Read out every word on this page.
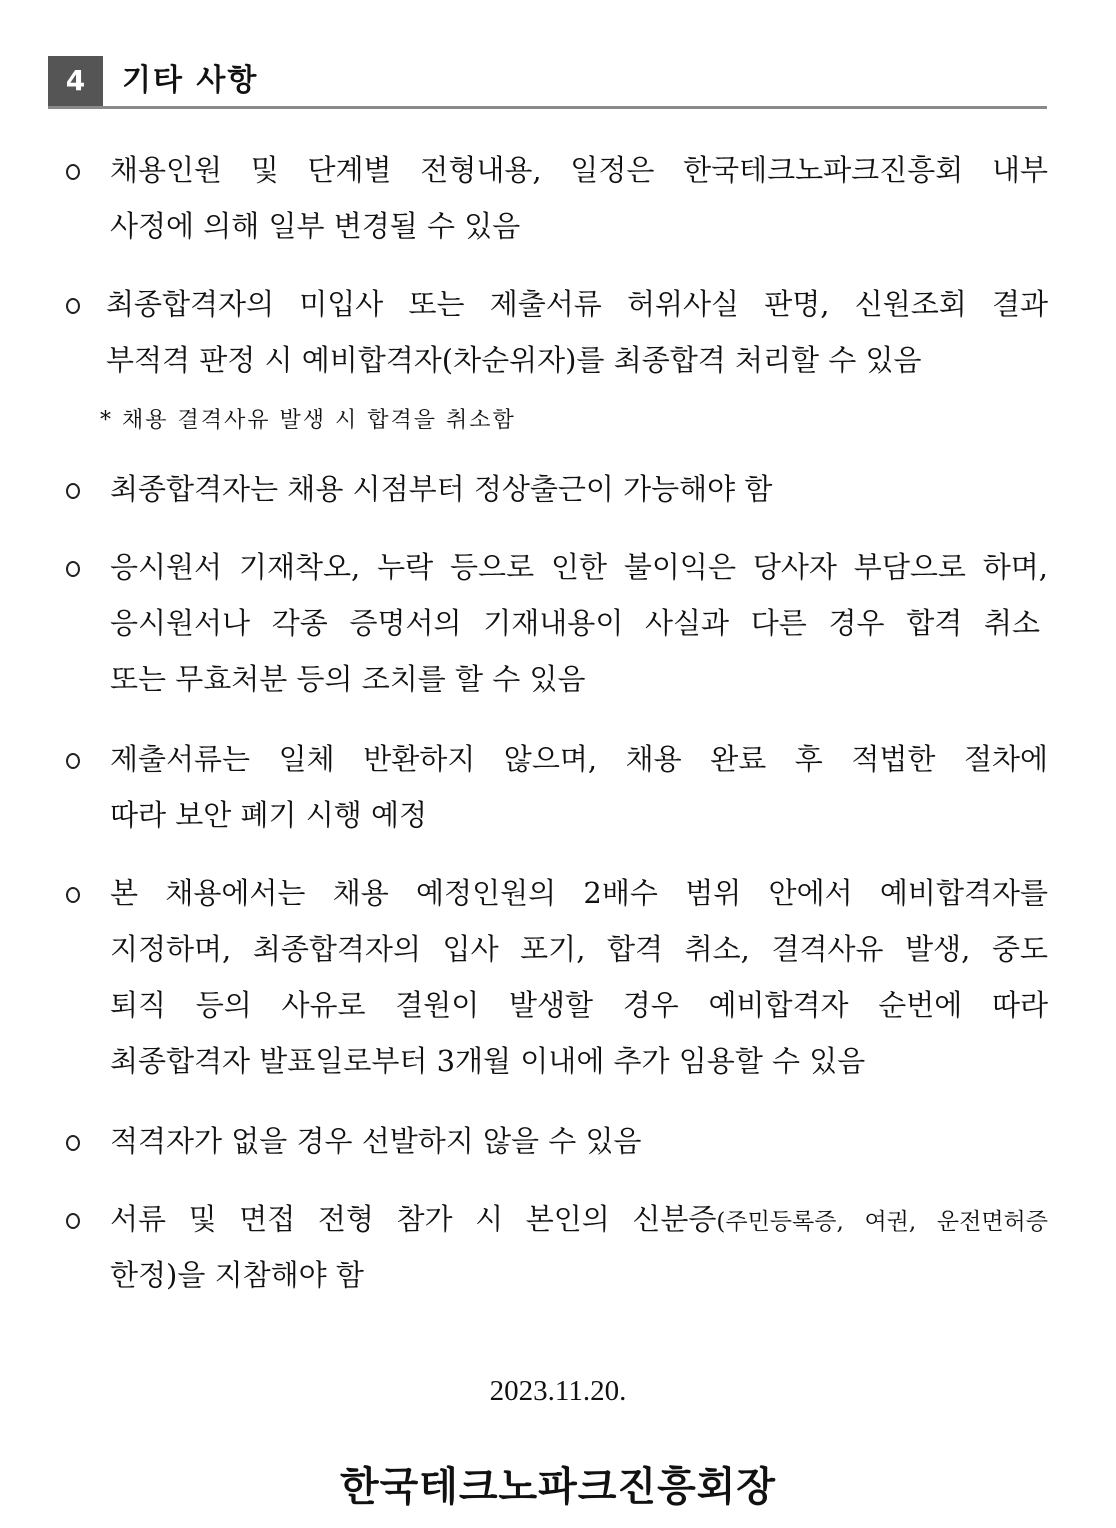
4	기타 사항
채용인원 및 단계별 전형내용, 일정은 한국테크노파크진흥회 내부
사정에 의해 일부 변경될 수 있음
최종합격자의 미입사 또는 제출서류 허위사실 판명, 신원조회 결과
부적격 판정 시 예비합격자(차순위자)를 최종합격 처리할 수 있음
* 채용 결격사유 발생 시 합격을 취소함
최종합격자는 채용 시점부터 정상출근이 가능해야 함
응시원서 기재착오, 누락 등으로 인한 불이익은 당사자 부담으로 하며,
응시원서나 각종 증명서의 기재내용이 사실과 다른 경우 합격 취소
또는 무효처분 등의 조치를 할 수 있음
제출서류는 일체 반환하지 않으며, 채용 완료 후 적법한 절차에
따라 보안 폐기 시행 예정
본 채용에서는 채용 예정인원의 2배수 범위 안에서 예비합격자를
지정하며, 최종합격자의 입사 포기, 합격 취소, 결격사유 발생, 중도
퇴직 등의 사유로 결원이 발생할 경우 예비합격자 순번에 따라
최종합격자 발표일로부터 3개월 이내에 추가 임용할 수 있음
적격자가 없을 경우 선발하지 않을 수 있음
서류 및 면접 전형 참가 시 본인의 신분증(주민등록증, 여권, 운전면허증
한정)을 지참해야 함
2023.11.20.
한국테크노파크진흥회장
